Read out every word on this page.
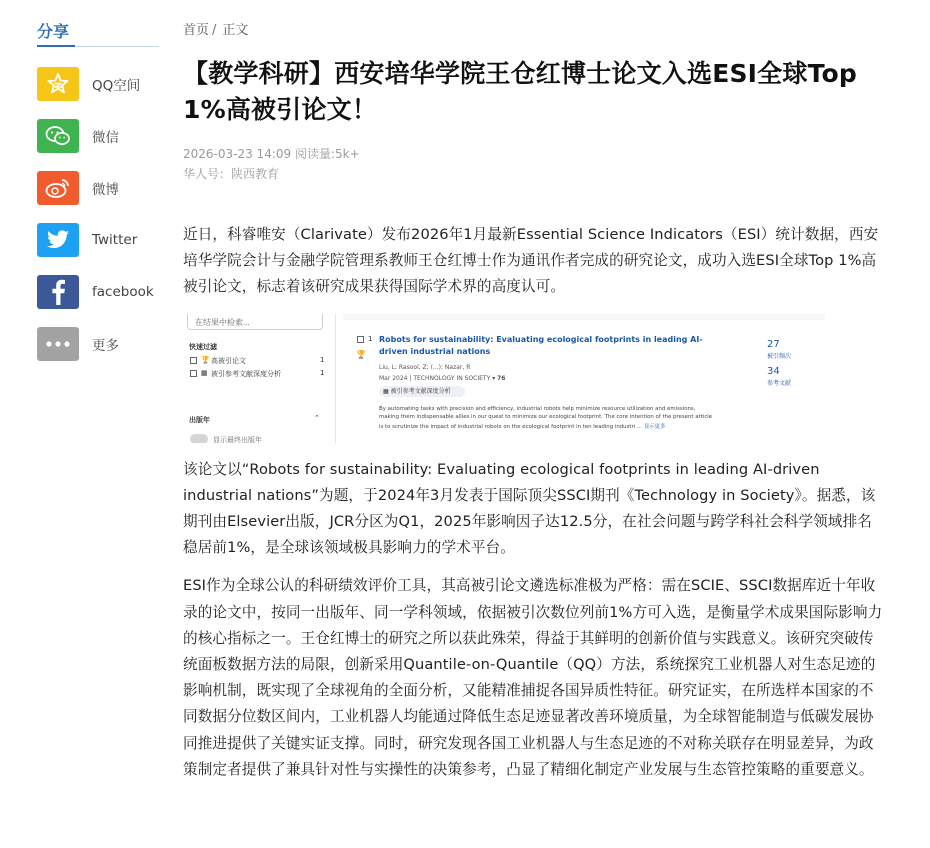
分享
QQ空间
微信
微博
Twitter
facebook
更多
首页 / 正文
【教学科研】西安培华学院王仓红博士论文入选ESI全球Top 1%高被引论文！
2026-03-23 14:09 阅读量:5k+
华人号：陕西教育

近日，科睿唯安（Clarivate）发布2026年1月最新Essential Science Indicators（ESI）统计数据，西安培华学院会计与金融学院管理系教师王仓红博士作为通讯作者完成的研究论文，成功入选ESI全球Top 1%高被引论文，标志着该研究成果获得国际学术界的高度认可。

在结果中检索...
快速过滤
🏆 高被引论文	1
▦ 被引参考文献深度分析	1
出版年	⌃
显示最终出版年
1
🏆
Robots for sustainability: Evaluating ecological footprints in leading AI-driven industrial nations
Liu, L; Rasool, Z; (...); Nazar, R
Mar 2024 | TECHNOLOGY IN SOCIETY ▾ 76
▦ 被引参考文献深度分析
By automating tasks with precision and efficiency, industrial robots help minimize resource utilization and emissions,
making them indispensable allies in our quest to minimize our ecological footprint. The core intention of the present article
is to scrutinize the impact of industrial robots on the ecological footprint in ten leading industri ... 显示更多
27
被引频次
34
参考文献

该论文以“Robots for sustainability: Evaluating ecological footprints in leading AI-driven industrial nations”为题，于2024年3月发表于国际顶尖SSCI期刊《Technology in Society》。据悉，该期刊由Elsevier出版，JCR分区为Q1，2025年影响因子达12.5分，在社会问题与跨学科社会科学领域排名稳居前1%，是全球该领域极具影响力的学术平台。

ESI作为全球公认的科研绩效评价工具，其高被引论文遴选标准极为严格：需在SCIE、SSCI数据库近十年收录的论文中，按同一出版年、同一学科领域，依据被引次数位列前1%方可入选，是衡量学术成果国际影响力的核心指标之一。王仓红博士的研究之所以获此殊荣，得益于其鲜明的创新价值与实践意义。该研究突破传统面板数据方法的局限，创新采用Quantile-on-Quantile（QQ）方法，系统探究工业机器人对生态足迹的影响机制，既实现了全球视角的全面分析，又能精准捕捉各国异质性特征。研究证实，在所选样本国家的不同数据分位数区间内，工业机器人均能通过降低生态足迹显著改善环境质量，为全球智能制造与低碳发展协同推进提供了关键实证支撑。同时，研究发现各国工业机器人与生态足迹的不对称关联存在明显差异，为政策制定者提供了兼具针对性与实操性的决策参考，凸显了精细化制定产业发展与生态管控策略的重要意义。
